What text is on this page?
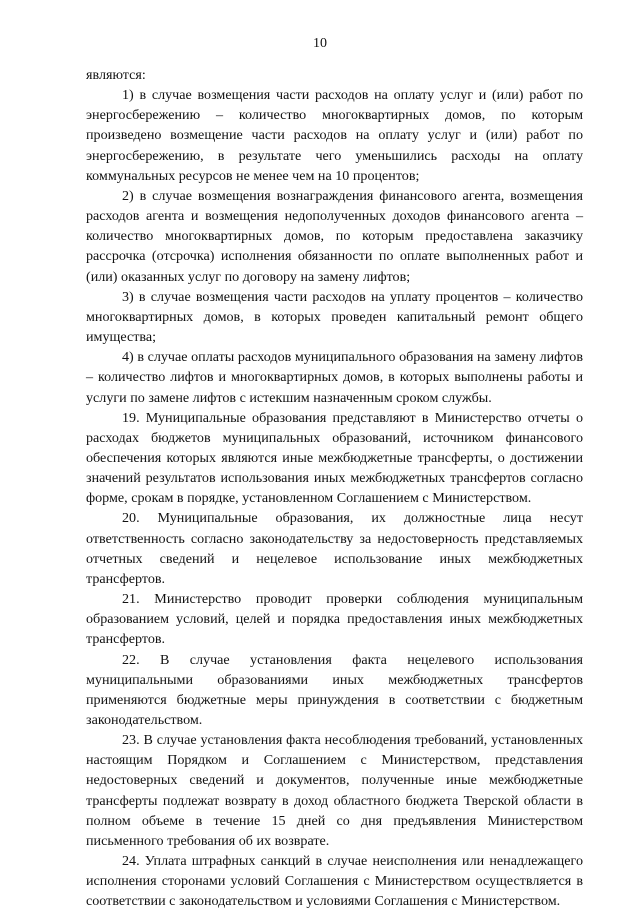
10

являются:

1) в случае возмещения части расходов на оплату услуг и (или) работ по энергосбережению – количество многоквартирных домов, по которым произведено возмещение части расходов на оплату услуг и (или) работ по энергосбережению, в результате чего уменьшились расходы на оплату коммунальных ресурсов не менее чем на 10 процентов;

2) в случае возмещения вознаграждения финансового агента, возмещения расходов агента и возмещения недополученных доходов финансового агента – количество многоквартирных домов, по которым предоставлена заказчику рассрочка (отсрочка) исполнения обязанности по оплате выполненных работ и (или) оказанных услуг по договору на замену лифтов;

3) в случае возмещения части расходов на уплату процентов – количество многоквартирных домов, в которых проведен капитальный ремонт общего имущества;

4) в случае оплаты расходов муниципального образования на замену лифтов – количество лифтов и многоквартирных домов, в которых выполнены работы и услуги по замене лифтов с истекшим назначенным сроком службы.

19. Муниципальные образования представляют в Министерство отчеты о расходах бюджетов муниципальных образований, источником финансового обеспечения которых являются иные межбюджетные трансферты, о достижении значений результатов использования иных межбюджетных трансфертов согласно форме, срокам в порядке, установленном Соглашением с Министерством.

20. Муниципальные образования, их должностные лица несут ответственность согласно законодательству за недостоверность представляемых отчетных сведений и нецелевое использование иных межбюджетных трансфертов.

21. Министерство проводит проверки соблюдения муниципальным образованием условий, целей и порядка предоставления иных межбюджетных трансфертов.

22. В случае установления факта нецелевого использования муниципальными образованиями иных межбюджетных трансфертов применяются бюджетные меры принуждения в соответствии с бюджетным законодательством.

23. В случае установления факта несоблюдения требований, установленных настоящим Порядком и Соглашением с Министерством, представления недостоверных сведений и документов, полученные иные межбюджетные трансферты подлежат возврату в доход областного бюджета Тверской области в полном объеме в течение 15 дней со дня предъявления Министерством письменного требования об их возврате.

24. Уплата штрафных санкций в случае неисполнения или ненадлежащего исполнения сторонами условий Соглашения с Министерством осуществляется в соответствии с законодательством и условиями Соглашения с Министерством.
